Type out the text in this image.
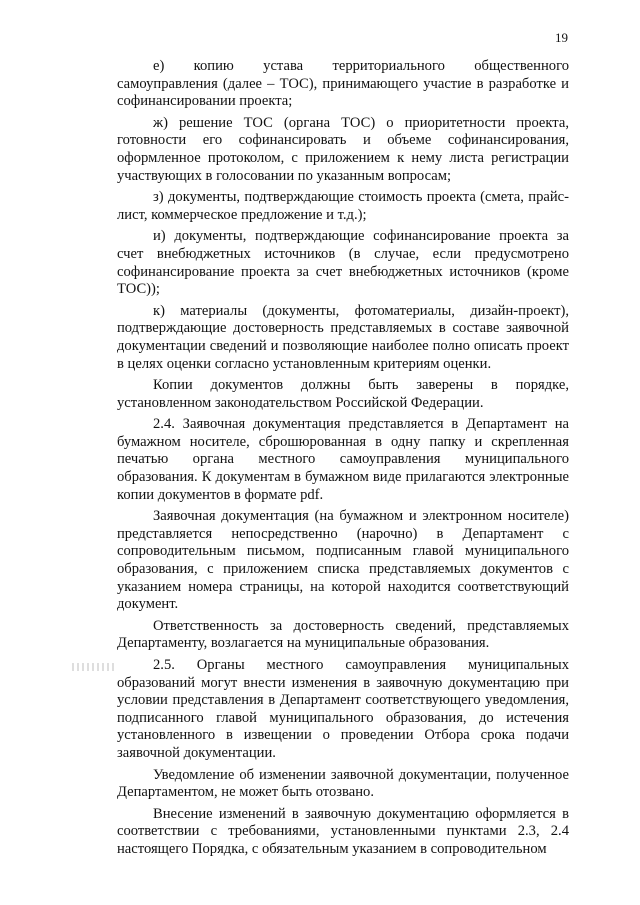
19

е) копию устава территориального общественного самоуправления (далее – ТОС), принимающего участие в разработке и софинансировании проекта;

ж) решение ТОС (органа ТОС) о приоритетности проекта, готовности его софинансировать и объеме софинансирования, оформленное протоколом, с приложением к нему листа регистрации участвующих в голосовании по указанным вопросам;

з) документы, подтверждающие стоимость проекта (смета, прайс-лист, коммерческое предложение и т.д.);

и) документы, подтверждающие софинансирование проекта за счет внебюджетных источников (в случае, если предусмотрено софинансирование проекта за счет внебюджетных источников (кроме ТОС));

к) материалы (документы, фотоматериалы, дизайн-проект), подтверждающие достоверность представляемых в составе заявочной документации сведений и позволяющие наиболее полно описать проект в целях оценки согласно установленным критериям оценки.

Копии документов должны быть заверены в порядке, установленном законодательством Российской Федерации.

2.4. Заявочная документация представляется в Департамент на бумажном носителе, сброшюрованная в одну папку и скрепленная печатью органа местного самоуправления муниципального образования. К документам в бумажном виде прилагаются электронные копии документов в формате pdf.

Заявочная документация (на бумажном и электронном носителе) представляется непосредственно (нарочно) в Департамент с сопроводительным письмом, подписанным главой муниципального образования, с приложением списка представляемых документов с указанием номера страницы, на которой находится соответствующий документ.

Ответственность за достоверность сведений, представляемых Департаменту, возлагается на муниципальные образования.

2.5. Органы местного самоуправления муниципальных образований могут внести изменения в заявочную документацию при условии представления в Департамент соответствующего уведомления, подписанного главой муниципального образования, до истечения установленного в извещении о проведении Отбора срока подачи заявочной документации.

Уведомление об изменении заявочной документации, полученное Департаментом, не может быть отозвано.

Внесение изменений в заявочную документацию оформляется в соответствии с требованиями, установленными пунктами 2.3, 2.4 настоящего Порядка, с обязательным указанием в сопроводительном
